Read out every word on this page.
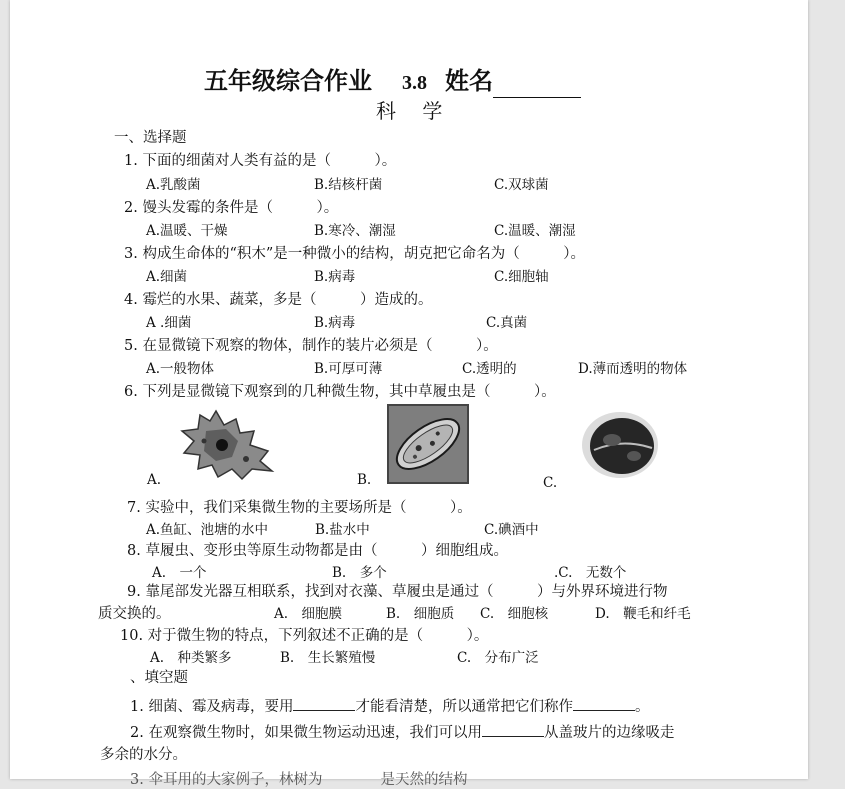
五年级综合作业 3.8 姓名
科 学
一、选择题
1. 下面的细菌对人类有益的是（　　　）。
A.乳酸菌	B.结核杆菌	C.双球菌
2. 馒头发霉的条件是（　　　）。
A.温暖、干燥	B.寒冷、潮湿	C.温暖、潮湿
3. 构成生命体的“积木”是一种微小的结构，胡克把它命名为（　　　）。
A.细菌	B.病毒	C.细胞轴
4. 霉烂的水果、蔬菜，多是（　　　）造成的。
A .细菌	B.病毒	C.真菌
5. 在显微镜下观察的物体，制作的装片必须是（　　　）。
A.一般物体	B.可厚可薄	C.透明的	D.薄而透明的物体
6. 下列是显微镜下观察到的几种微生物，其中草履虫是（　　　）。
A.	B.	C.
7. 实验中，我们采集微生物的主要场所是（　　　）。
A.鱼缸、池塘的水中	B.盐水中	C.碘酒中
8. 草履虫、变形虫等原生动物都是由（　　　）细胞组成。
A.　一个	B.　多个	.C.　无数个
9. 靠尾部发光器互相联系，找到对衣藻、草履虫是通过（　　　）与外界环境进行物
质交换的。	A.　细胞膜	B.　细胞质 C.　细胞核	D.　鞭毛和纤毛
10. 对于微生物的特点，下列叙述不正确的是（　　　）。
A.　种类繁多	B.　生长繁殖慢	C.　分布广泛
、填空题
1. 细菌、霉及病毒，要用	才能看清楚，所以通常把它们称作	。
2. 在观察微生物时，如果微生物运动迅速，我们可以用	从盖玻片的边缘吸走
多余的水分。
3. 伞耳用的大家例子，林树为　　　　是天然的结构
